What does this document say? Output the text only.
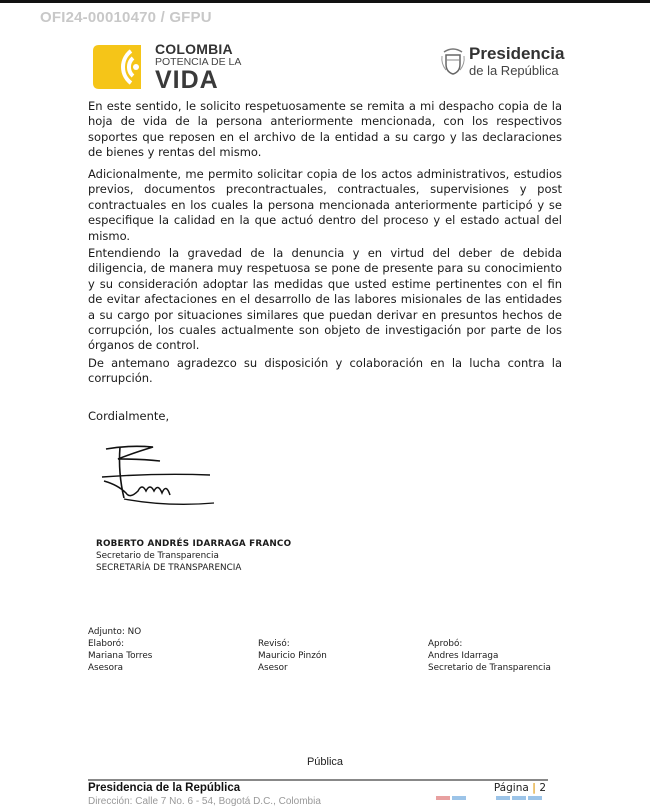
OFI24-00010470 / GFPU
COLOMBIA
POTENCIA DE LA
VIDA
Presidencia
de la República

En este sentido, le solicito respetuosamente se remita a mi despacho copia de la hoja de vida de la persona anteriormente mencionada, con los respectivos soportes que reposen en el archivo de la entidad a su cargo y las declaraciones de bienes y rentas del mismo.

Adicionalmente, me permito solicitar copia de los actos administrativos, estudios previos, documentos precontractuales, contractuales, supervisiones y post contractuales en los cuales la persona mencionada anteriormente participó y se especifique la calidad en la que actuó dentro del proceso y el estado actual del mismo.

Entendiendo la gravedad de la denuncia y en virtud del deber de debida diligencia, de manera muy respetuosa se pone de presente para su conocimiento y su consideración adoptar las medidas que usted estime pertinentes con el fin de evitar afectaciones en el desarrollo de las labores misionales de las entidades a su cargo por situaciones similares que puedan derivar en presuntos hechos de corrupción, los cuales actualmente son objeto de investigación por parte de los órganos de control.

De antemano agradezco su disposición y colaboración en la lucha contra la corrupción.

Cordialmente,
ROBERTO ANDRÉS IDARRAGA FRANCO
Secretario de Transparencia
SECRETARÍA DE TRANSPARENCIA
Adjunto: NO
Elaboró:
Mariana Torres
Asesora
Revisó:
Mauricio Pinzón
Asesor
Aprobó:
Andres Idarraga
Secretario de Transparencia
Pública
Presidencia de la República	Página | 2
Dirección: Calle 7 No. 6 - 54, Bogotá D.C., Colombia
